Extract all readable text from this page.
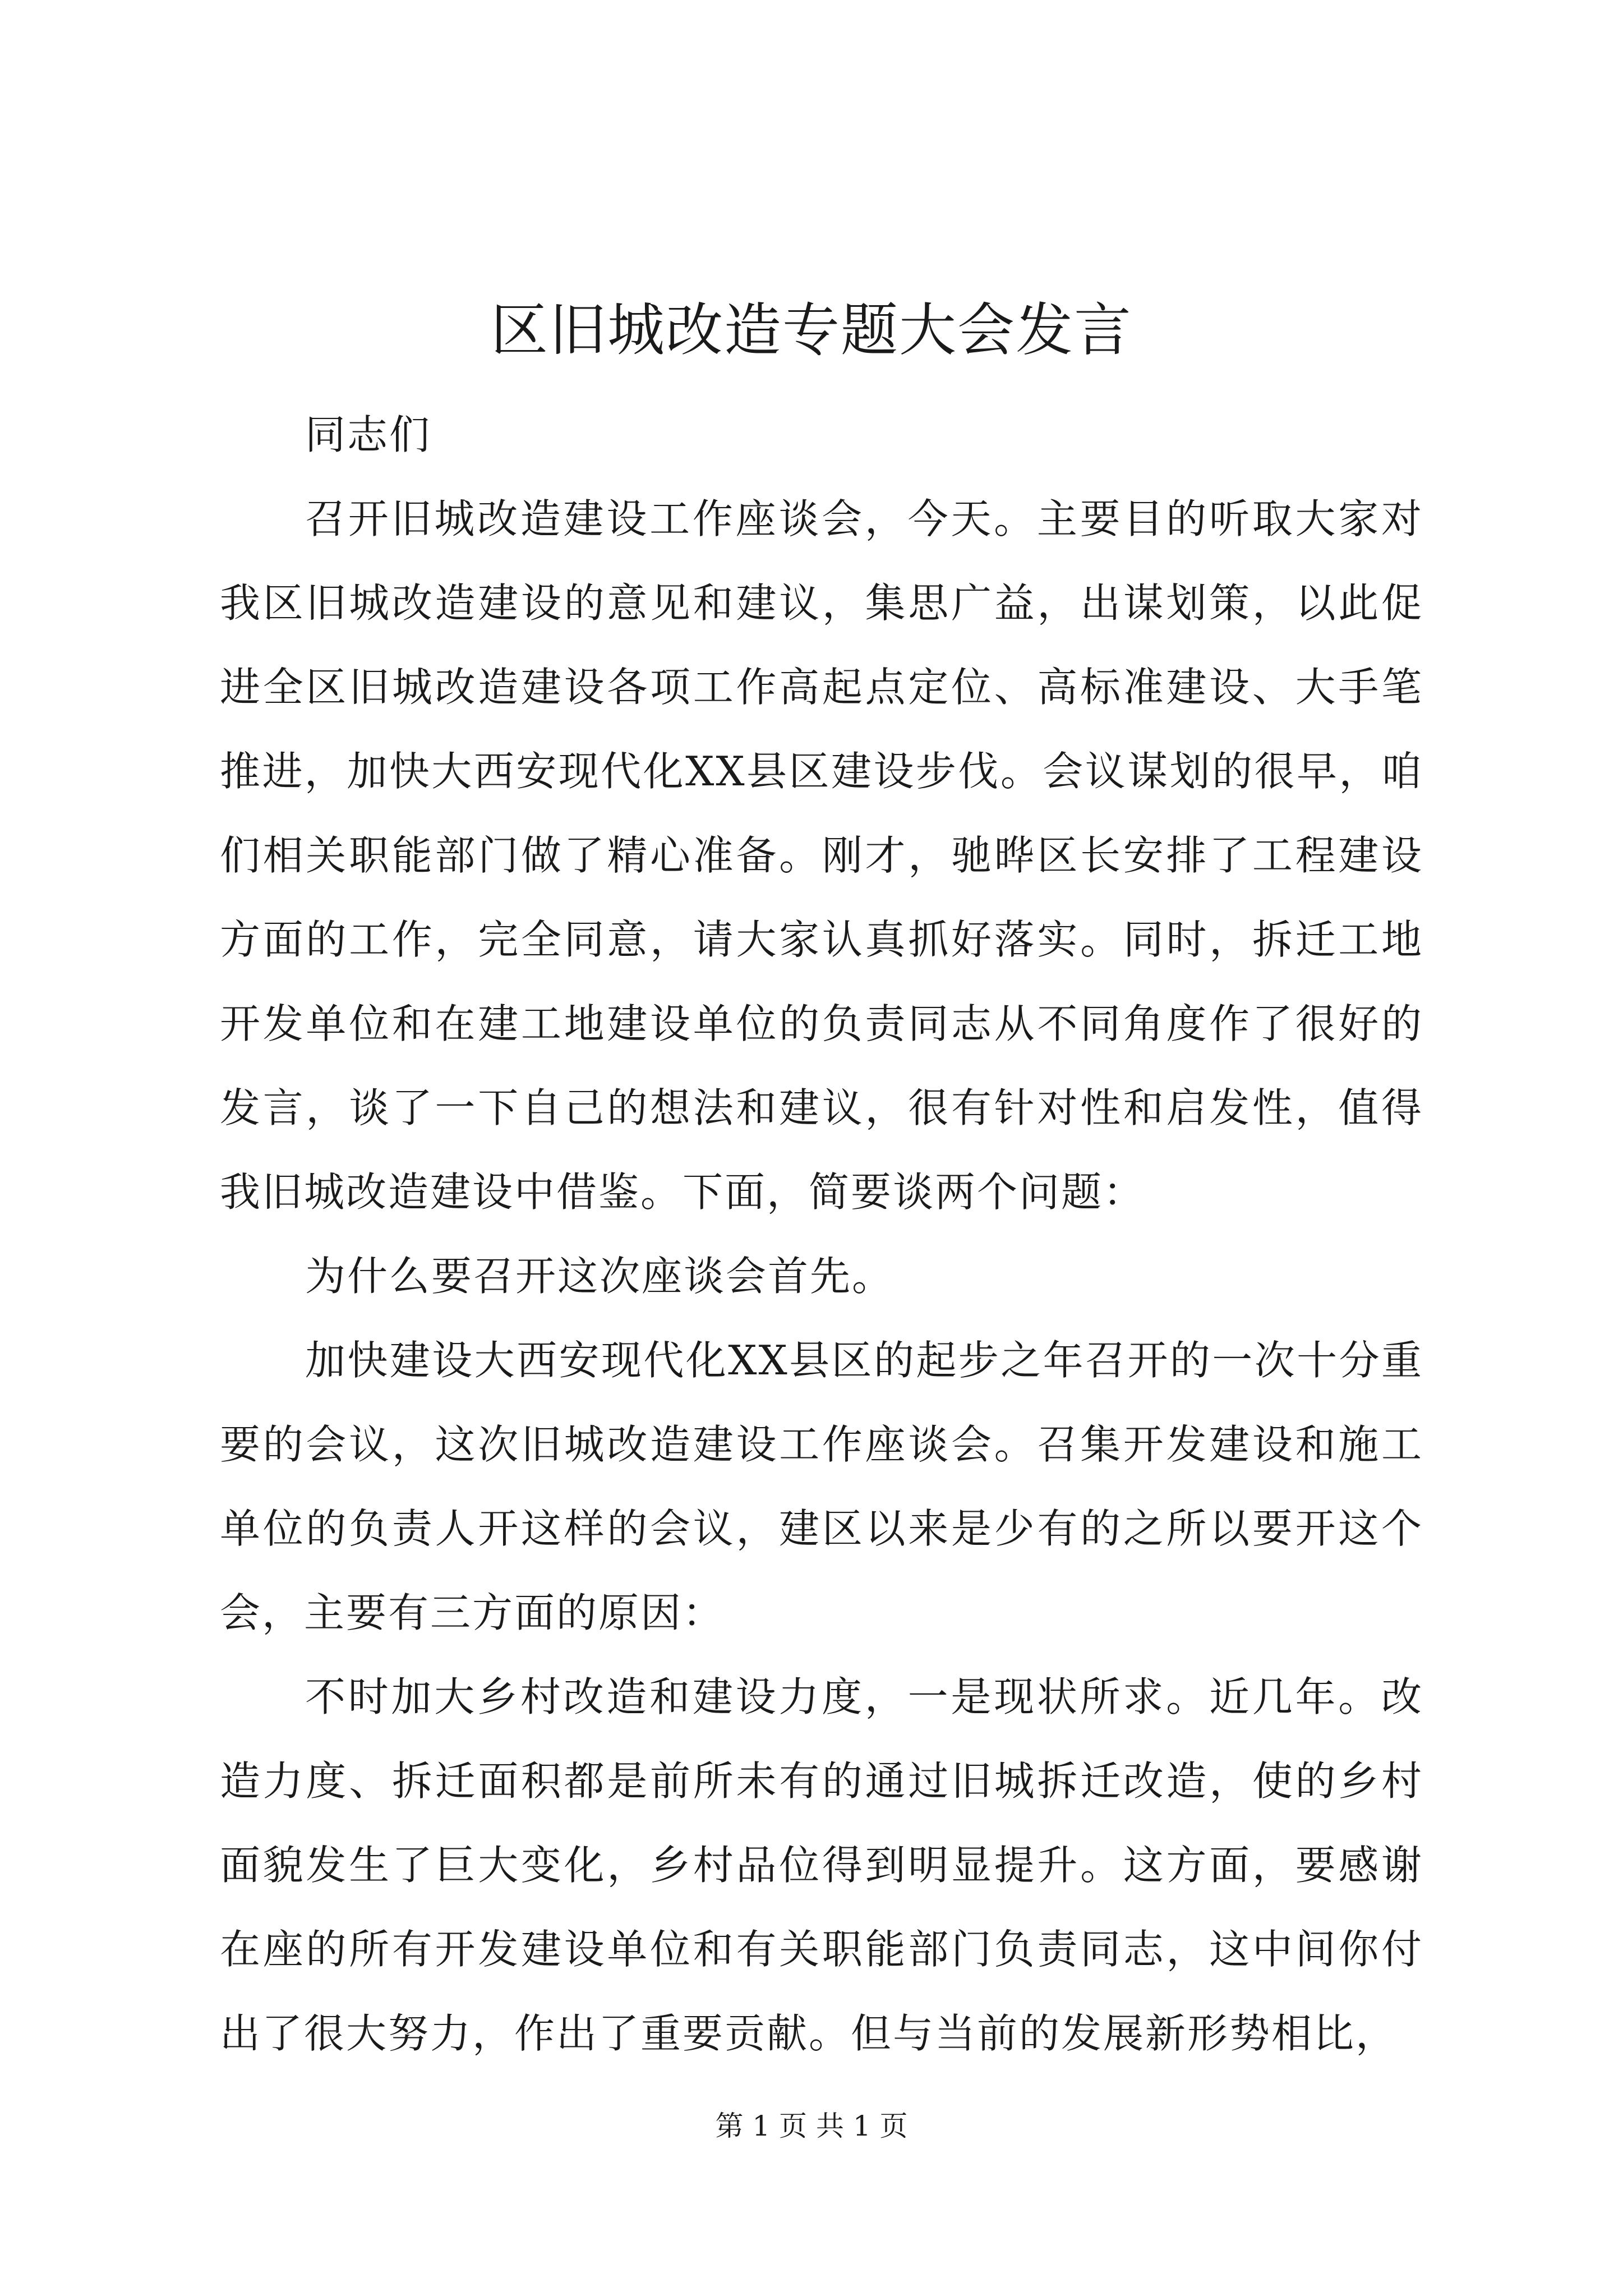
区旧城改造专题大会发言

同志们

召开旧城改造建设工作座谈会，今天。主要目的听取大家对我区旧城改造建设的意见和建议，集思广益，出谋划策，以此促进全区旧城改造建设各项工作高起点定位、高标准建设、大手笔推进，加快大西安现代化XX县区建设步伐。会议谋划的很早，咱们相关职能部门做了精心准备。刚才，驰晔区长安排了工程建设方面的工作，完全同意，请大家认真抓好落实。同时，拆迁工地开发单位和在建工地建设单位的负责同志从不同角度作了很好的发言，谈了一下自己的想法和建议，很有针对性和启发性，值得我旧城改造建设中借鉴。下面，简要谈两个问题：

为什么要召开这次座谈会首先。

加快建设大西安现代化XX县区的起步之年召开的一次十分重要的会议，这次旧城改造建设工作座谈会。召集开发建设和施工单位的负责人开这样的会议，建区以来是少有的之所以要开这个会，主要有三方面的原因：

不时加大乡村改造和建设力度，一是现状所求。近几年。改造力度、拆迁面积都是前所未有的通过旧城拆迁改造，使的乡村面貌发生了巨大变化，乡村品位得到明显提升。这方面，要感谢在座的所有开发建设单位和有关职能部门负责同志，这中间你付出了很大努力，作出了重要贡献。但与当前的发展新形势相比，

第 1 页 共 1 页
